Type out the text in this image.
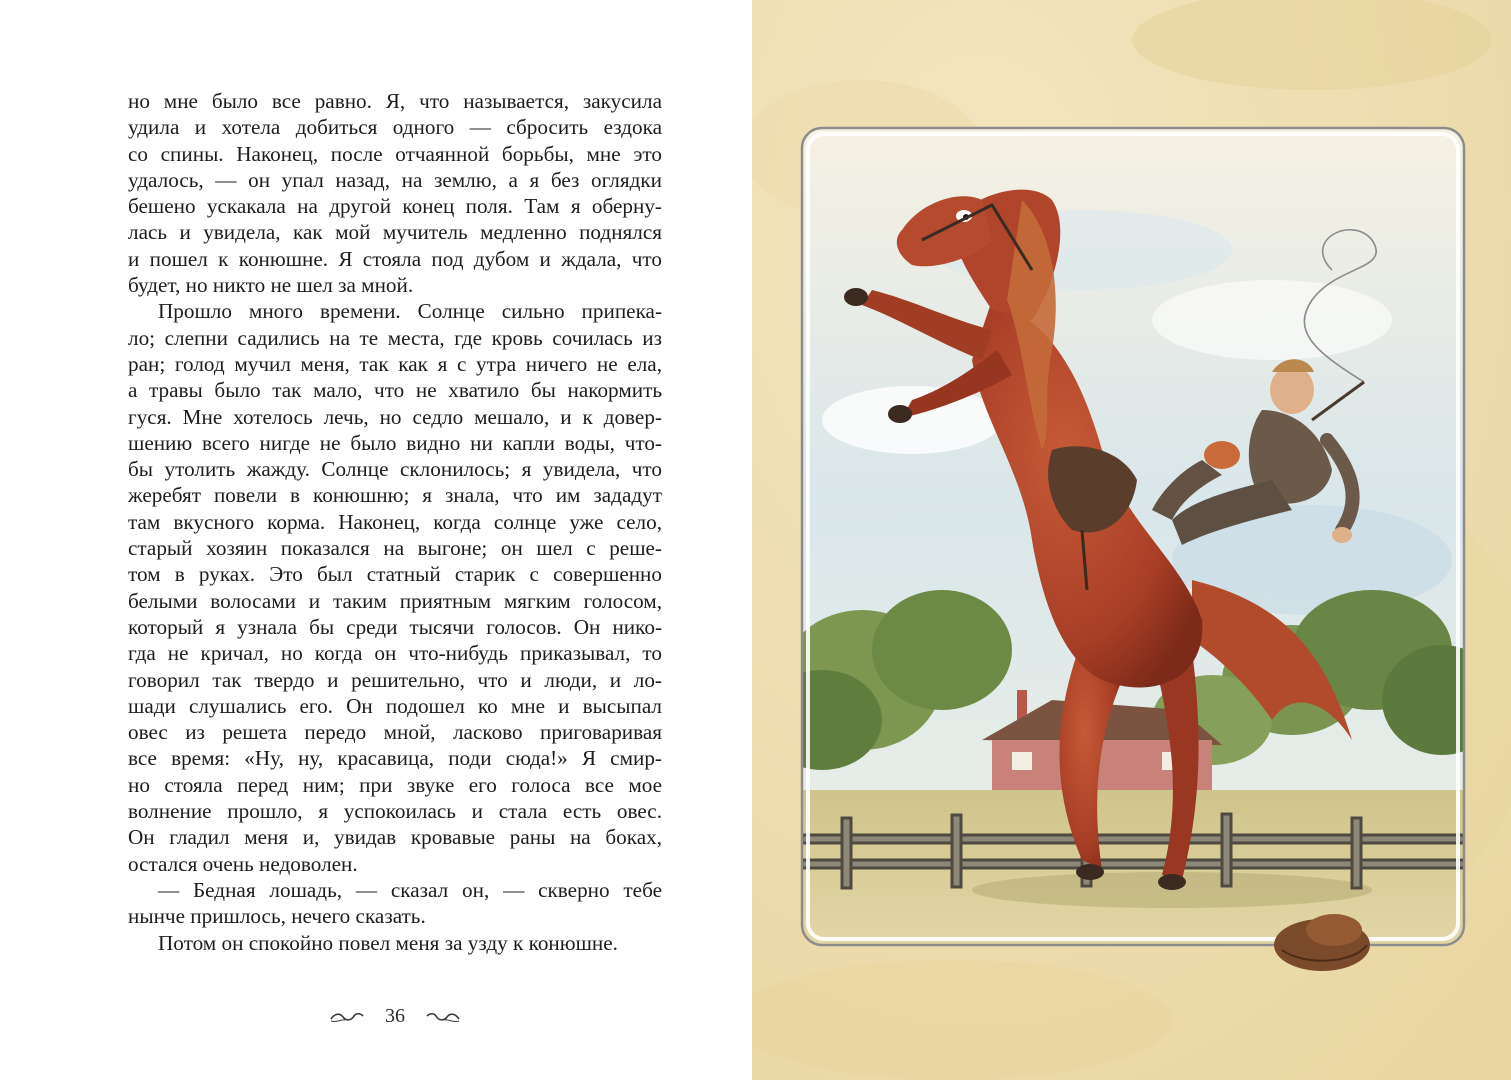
но мне было все равно. Я, что называется, закусила
удила и хотела добиться одного — сбросить ездока
со спины. Наконец, после отчаянной борьбы, мне это
удалось, — он упал назад, на землю, а я без оглядки
бешено ускакала на другой конец поля. Там я оберну-
лась и увидела, как мой мучитель медленно поднялся
и пошел к конюшне. Я стояла под дубом и ждала, что
будет, но никто не шел за мной.
Прошло много времени. Солнце сильно припека-
ло; слепни садились на те места, где кровь сочилась из
ран; голод мучил меня, так как я с утра ничего не ела,
а травы было так мало, что не хватило бы накормить
гуся. Мне хотелось лечь, но седло мешало, и к довер-
шению всего нигде не было видно ни капли воды, что-
бы утолить жажду. Солнце склонилось; я увидела, что
жеребят повели в конюшню; я знала, что им зададут
там вкусного корма. Наконец, когда солнце уже село,
старый хозяин показался на выгоне; он шел с реше-
том в руках. Это был статный старик с совершенно
белыми волосами и таким приятным мягким голосом,
который я узнала бы среди тысячи голосов. Он нико-
гда не кричал, но когда он что-нибудь приказывал, то
говорил так твердо и решительно, что и люди, и ло-
шади слушались его. Он подошел ко мне и высыпал
овес из решета передо мной, ласково приговаривая
все время: «Ну, ну, красавица, поди сюда!» Я смир-
но стояла перед ним; при звуке его голоса все мое
волнение прошло, я успокоилась и стала есть овес.
Он гладил меня и, увидав кровавые раны на боках,
остался очень недоволен.
— Бедная лошадь, — сказал он, — скверно тебе
нынче пришлось, нечего сказать.
Потом он спокойно повел меня за узду к конюшне.
36
